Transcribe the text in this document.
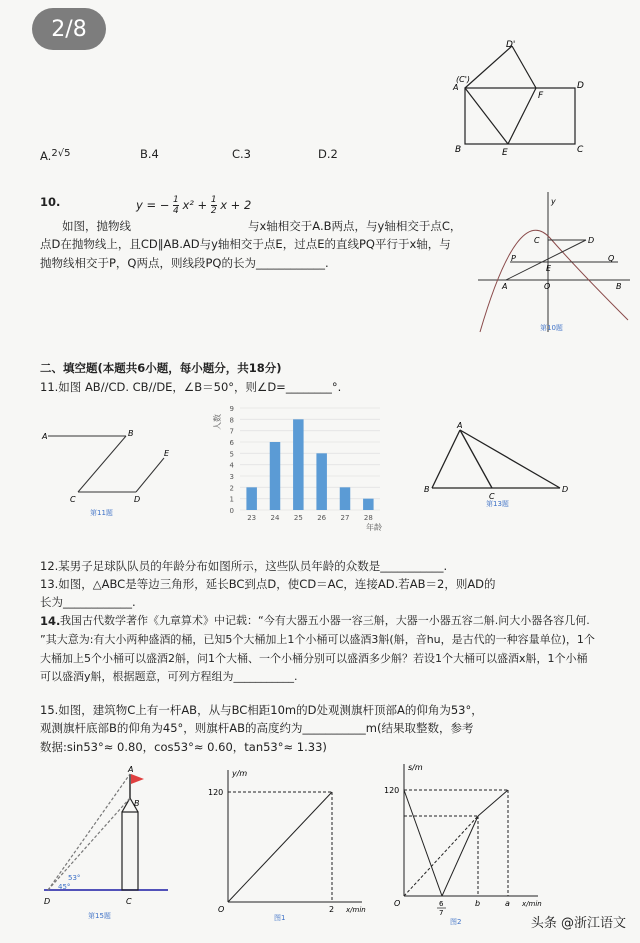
2/8
D'
(C')
A
F
D
B	E	C
A.2√5	B.4	C.3	D.2
10.	y = − $\frac{1}{4} x^2 + \frac{1}{2}$ x + 2
如图，抛物线	与x轴相交于A.B两点，与y轴相交于点C，
点D在抛物线上，且CD∥AB.AD与y轴相交于点E，过点E的直线PQ平行于x轴，与
抛物线相交于P，Q两点，则线段PQ的长为____________.
y
C	D
P
E
Q
A	O	B
第10题
二、填空题(本题共6小题，每小题分，共18分)
11.如图 AB//CD. CB//DE，∠B＝50°，则∠D=________°.
A	B
C	D
E
第11题	0
1
2
3
4
5
6
7
8
9
23 24 25 26 27 28
人数
年龄
A
B
C
D
第13题
12.某男子足球队队员的年龄分布如图所示，这些队员年龄的众数是___________.
13.如图，△ABC是等边三角形，延长BC到点D，使CD＝AC，连接AD.若AB＝2，则AD的
长为____________.
14. 我国古代数学著作《九章算术》中记载：“今有大器五小器一容三斛，大器一小器五容二斛.问大小器各容几何.
”其大意为:有大小两种盛酒的桶，已知5个大桶加上1个小桶可以盛酒3斛(斛，音hu，是古代的一种容量单位)，1个
大桶加上5个小桶可以盛酒2斛，问1个大桶、一个小桶分别可以盛酒多少斛？若设1个大桶可以盛酒x斛，1个小桶
可以盛酒y斛，根据题意，可列方程组为___________.
15.如图，建筑物C上有一杆AB，从与BC相距10m的D处观测旗杆顶部A的仰角为53°，
观测旗杆底部B的仰角为45°，则旗杆AB的高度约为___________m(结果取整数，参考
数据:sin53°≈ 0.80，cos53°≈ 0.60，tan53°≈ 1.33)
A
B
53°
45°
D	C
第15题
y/m
120
O	2 x/min
图1
s/m
120
O	6
7
b	a x/min
图2	头条 @浙江语文
